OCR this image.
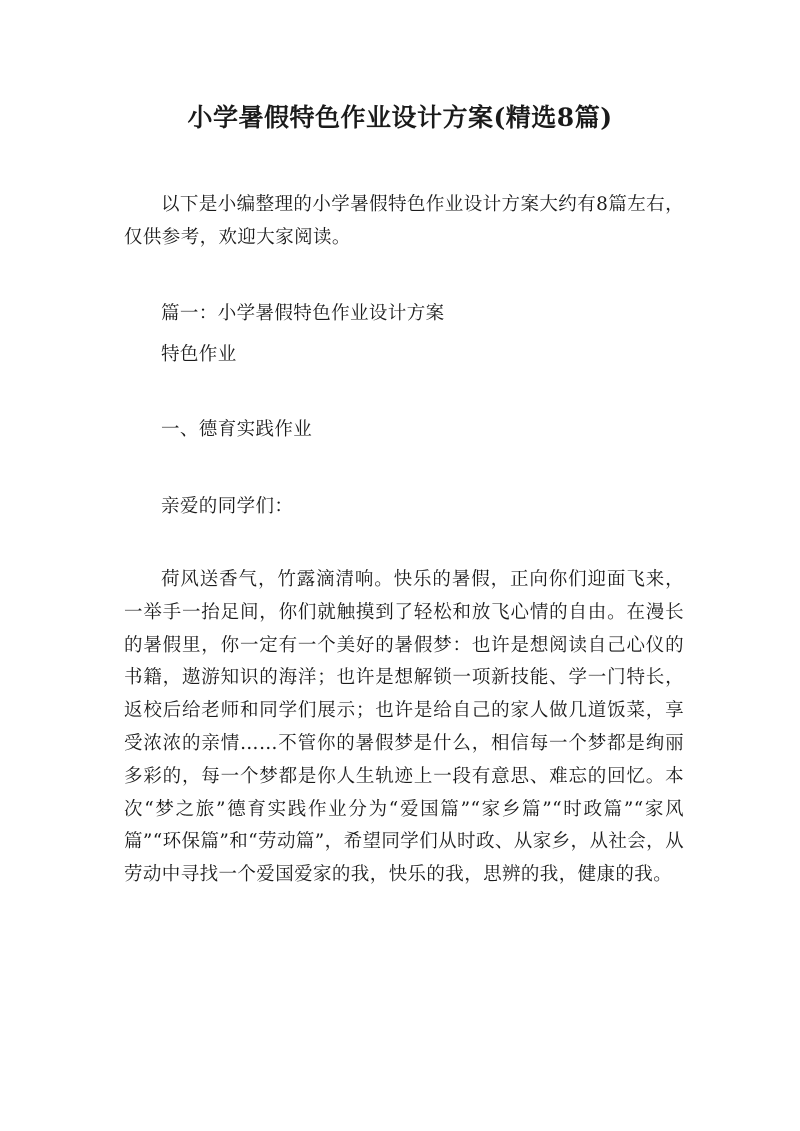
小学暑假特色作业设计方案(精选8篇)

以下是小编整理的小学暑假特色作业设计方案大约有8篇左右，仅供参考，欢迎大家阅读。

篇一：小学暑假特色作业设计方案

特色作业

一、德育实践作业

亲爱的同学们：

荷风送香气，竹露滴清响。快乐的暑假，正向你们迎面飞来，一举手一抬足间，你们就触摸到了轻松和放飞心情的自由。在漫长的暑假里，你一定有一个美好的暑假梦：也许是想阅读自己心仪的书籍，遨游知识的海洋；也许是想解锁一项新技能、学一门特长，返校后给老师和同学们展示；也许是给自己的家人做几道饭菜，享受浓浓的亲情……不管你的暑假梦是什么，相信每一个梦都是绚丽多彩的，每一个梦都是你人生轨迹上一段有意思、难忘的回忆。本次“梦之旅”德育实践作业分为“爱国篇”“家乡篇”“时政篇”“家风篇”“环保篇”和“劳动篇”，希望同学们从时政、从家乡，从社会，从劳动中寻找一个爱国爱家的我，快乐的我，思辨的我，健康的我。
